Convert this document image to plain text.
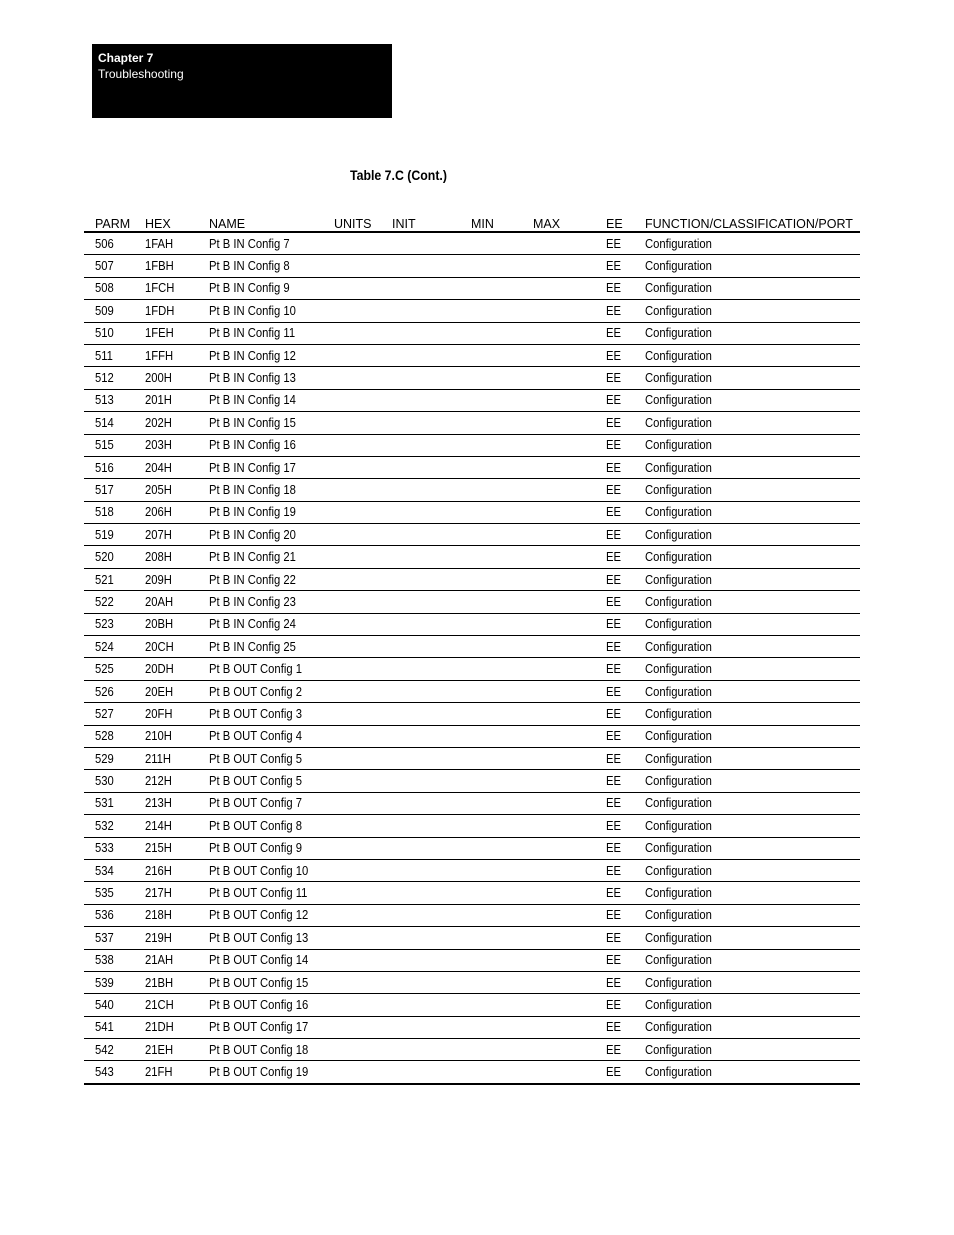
Chapter 7
Troubleshooting
Table 7.C (Cont.)
PARM	HEX	NAME	UNITS	INIT	MIN	MAX	EE	FUNCTION/CLASSIFICATION/PORT
506	1FAH	Pt B IN Config 7					EE	Configuration
507	1FBH	Pt B IN Config 8					EE	Configuration
508	1FCH	Pt B IN Config 9					EE	Configuration
509	1FDH	Pt B IN Config 10					EE	Configuration
510	1FEH	Pt B IN Config 11					EE	Configuration
511	1FFH	Pt B IN Config 12					EE	Configuration
512	200H	Pt B IN Config 13					EE	Configuration
513	201H	Pt B IN Config 14					EE	Configuration
514	202H	Pt B IN Config 15					EE	Configuration
515	203H	Pt B IN Config 16					EE	Configuration
516	204H	Pt B IN Config 17					EE	Configuration
517	205H	Pt B IN Config 18					EE	Configuration
518	206H	Pt B IN Config 19					EE	Configuration
519	207H	Pt B IN Config 20					EE	Configuration
520	208H	Pt B IN Config 21					EE	Configuration
521	209H	Pt B IN Config 22					EE	Configuration
522	20AH	Pt B IN Config 23					EE	Configuration
523	20BH	Pt B IN Config 24					EE	Configuration
524	20CH	Pt B IN Config 25					EE	Configuration
525	20DH	Pt B OUT Config 1					EE	Configuration
526	20EH	Pt B OUT Config 2					EE	Configuration
527	20FH	Pt B OUT Config 3					EE	Configuration
528	210H	Pt B OUT Config 4					EE	Configuration
529	211H	Pt B OUT Config 5					EE	Configuration
530	212H	Pt B OUT Config 5					EE	Configuration
531	213H	Pt B OUT Config 7					EE	Configuration
532	214H	Pt B OUT Config 8					EE	Configuration
533	215H	Pt B OUT Config 9					EE	Configuration
534	216H	Pt B OUT Config 10					EE	Configuration
535	217H	Pt B OUT Config 11					EE	Configuration
536	218H	Pt B OUT Config 12					EE	Configuration
537	219H	Pt B OUT Config 13					EE	Configuration
538	21AH	Pt B OUT Config 14					EE	Configuration
539	21BH	Pt B OUT Config 15					EE	Configuration
540	21CH	Pt B OUT Config 16					EE	Configuration
541	21DH	Pt B OUT Config 17					EE	Configuration
542	21EH	Pt B OUT Config 18					EE	Configuration
543	21FH	Pt B OUT Config 19					EE	Configuration
